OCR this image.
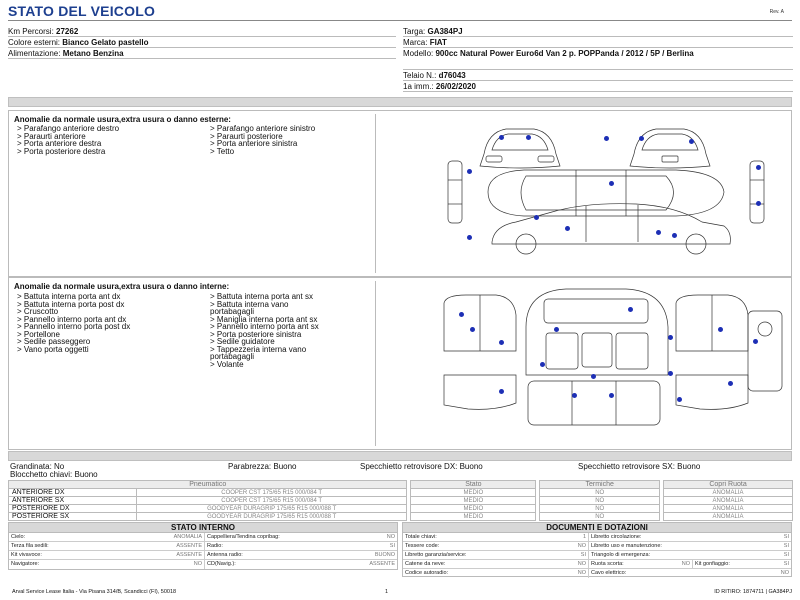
STATO DEL VEICOLO	Rev. A
Km Percorsi: 27262
Colore esterni: Bianco Gelato pastello
Alimentazione: Metano Benzina
Targa: GA384PJ
Marca: FIAT
Modello: 900cc Natural Power Euro6d Van 2 p. POPPanda / 2012 / 5P / Berlina
Telaio N.: d76043
1a imm.: 26/02/2020
Anomalie da normale usura,extra usura o danno esterne:
> Parafango anteriore destro
> Paraurti anteriore
> Porta anteriore destra
> Porta posteriore destra
> Parafango anteriore sinistro
> Paraurti posteriore
> Porta anteriore sinistra
> Tetto
Anomalie da normale usura,extra usura o danno interne:
> Battuta interna porta ant dx
> Battuta interna porta post dx
> Cruscotto
> Pannello interno porta ant dx
> Pannello interno porta post dx
> Portellone
> Sedile passeggero
> Vano porta oggetti
> Battuta interna porta ant sx
> Battuta interna vano
portabagagli
> Maniglia interna porta ant sx
> Pannello interno porta ant sx
> Porta posteriore sinistra
> Sedile guidatore
> Tappezzeria interna vano
portabagagli
> Volante
Grandinata: No
Blocchetto chiavi: Buono
Parabrezza: Buono	Specchietto retrovisore DX: Buono	Specchietto retrovisore SX: Buono
Pneumatico			Stato		Termiche		Copri Ruota
ANTERIORE DX	COOPER CST 175/65 R15 000/084 T		MEDIO		NO		ANOMALIA
ANTERIORE SX	COOPER CST 175/65 R15 000/084 T		MEDIO		NO		ANOMALIA
POSTERIORE DX	GOODYEAR DURAGRIP 175/65 R15 000/088 T		MEDIO		NO		ANOMALIA
POSTERIORE SX	GOODYEAR DURAGRIP 175/65 R15 000/088 T		MEDIO		NO		ANOMALIA
STATO INTERNO
Cielo:	ANOMALIA Cappelliera/Tendina copribag:	NO
Terza fila sedili:	ASSENTE Radio:	SI
Kit vivavoce:	ASSENTE Antenna radio:	BUONO
Navigatore:	NO CD(Navig.):	ASSENTE
DOCUMENTI E DOTAZIONI
Totale chiavi:	1 Libretto circolazione:	SI
Tessere code:	NO Libretto uso e manutenzione:	SI
Libretto garanzia/service:	SI Triangolo di emergenza:	SI
Catene da neve:	NO Ruota scorta:	NO Kit gonfiaggio:	SI
Codice autoradio:	NO Cavo elettrico:	NO
Arval Service Lease Italia - Via Pisana 314/B, Scandicci (FI), 50018	1	ID RITIRO: 1874711 | GA384PJ
